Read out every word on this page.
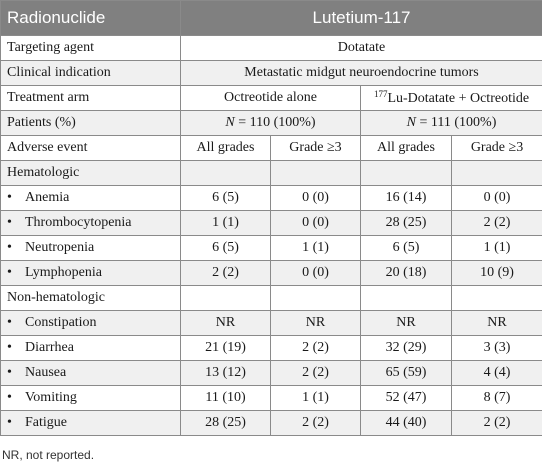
Radionuclide	Lutetium-117			
Targeting agent	Dotatate			
Clinical indication	Metastatic midgut neuroendocrine tumors			
Treatment arm	Octreotide alone		$^{177}$Lu-Dotatate + Octreotide	
Patients (%)	N = 110 (100%)		N = 111 (100%)	
Adverse event	All grades	Grade ≥3	All grades	Grade ≥3
Hematologic				
• Anemia	6 (5)	0 (0)	16 (14)	0 (0)
• Thrombocytopenia	1 (1)	0 (0)	28 (25)	2 (2)
• Neutropenia	6 (5)	1 (1)	6 (5)	1 (1)
• Lymphopenia	2 (2)	0 (0)	20 (18)	10 (9)
Non-hematologic				
• Constipation	NR	NR	NR	NR
• Diarrhea	21 (19)	2 (2)	32 (29)	3 (3)
• Nausea	13 (12)	2 (2)	65 (59)	4 (4)
• Vomiting	11 (10)	1 (1)	52 (47)	8 (7)
• Fatigue	28 (25)	2 (2)	44 (40)	2 (2)
NR, not reported.
